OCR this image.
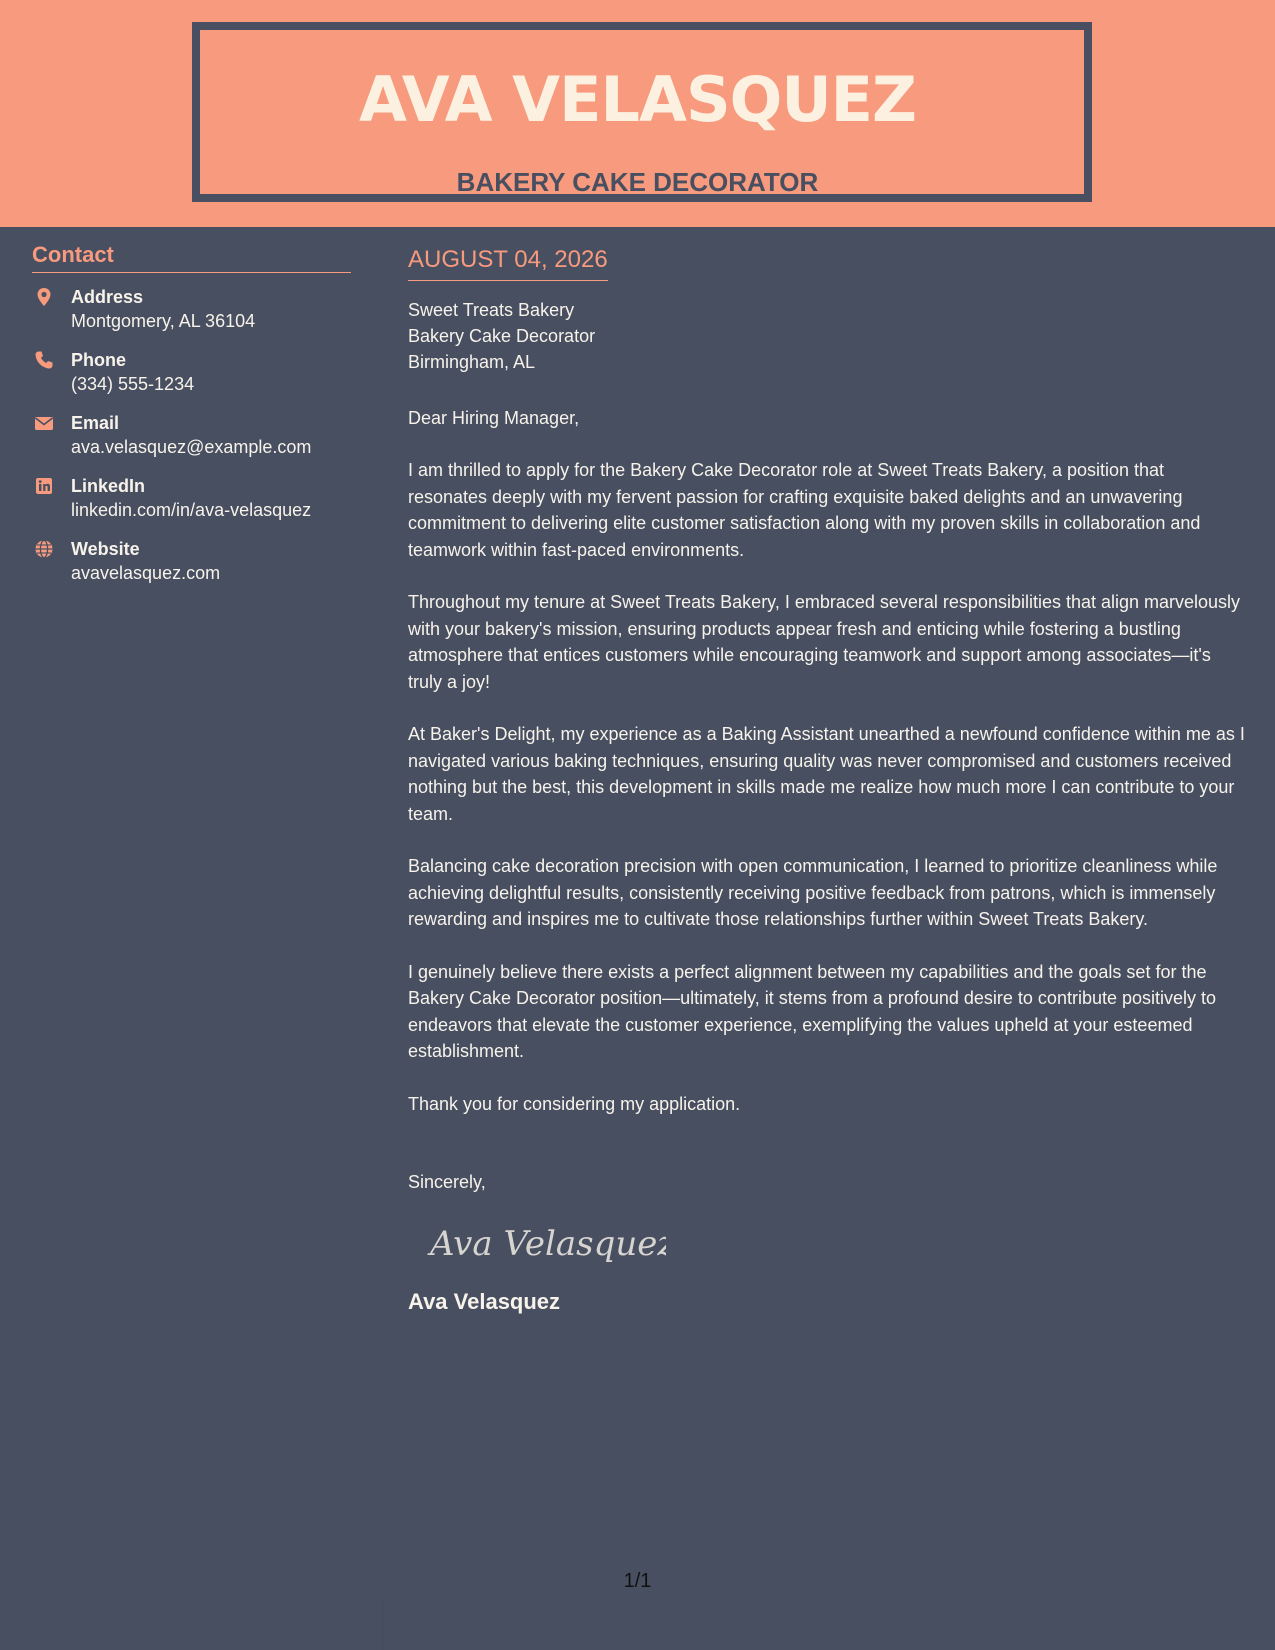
AVA VELASQUEZ
BAKERY CAKE DECORATOR
Contact
Address
Montgomery, AL 36104
Phone
(334) 555-1234
Email
ava.velasquez@example.com
LinkedIn
linkedin.com/in/ava-velasquez
Website
avavelasquez.com
AUGUST 04, 2026
Sweet Treats Bakery
Bakery Cake Decorator
Birmingham, AL
Dear Hiring Manager,

I am thrilled to apply for the Bakery Cake Decorator role at Sweet Treats Bakery, a position that resonates deeply with my fervent passion for crafting exquisite baked delights and an unwavering commitment to delivering elite customer satisfaction along with my proven skills in collaboration and teamwork within fast-paced environments.

Throughout my tenure at Sweet Treats Bakery, I embraced several responsibilities that align marvelously with your bakery's mission, ensuring products appear fresh and enticing while fostering a bustling atmosphere that entices customers while encouraging teamwork and support among associates—it's truly a joy!

At Baker's Delight, my experience as a Baking Assistant unearthed a newfound confidence within me as I navigated various baking techniques, ensuring quality was never compromised and customers received nothing but the best, this development in skills made me realize how much more I can contribute to your team.

Balancing cake decoration precision with open communication, I learned to prioritize cleanliness while achieving delightful results, consistently receiving positive feedback from patrons, which is immensely rewarding and inspires me to cultivate those relationships further within Sweet Treats Bakery.

I genuinely believe there exists a perfect alignment between my capabilities and the goals set for the Bakery Cake Decorator position—ultimately, it stems from a profound desire to contribute positively to endeavors that elevate the customer experience, exemplifying the values upheld at your esteemed establishment.

Thank you for considering my application.

Sincerely,
Ava Velasquez
Ava Velasquez
1/1
